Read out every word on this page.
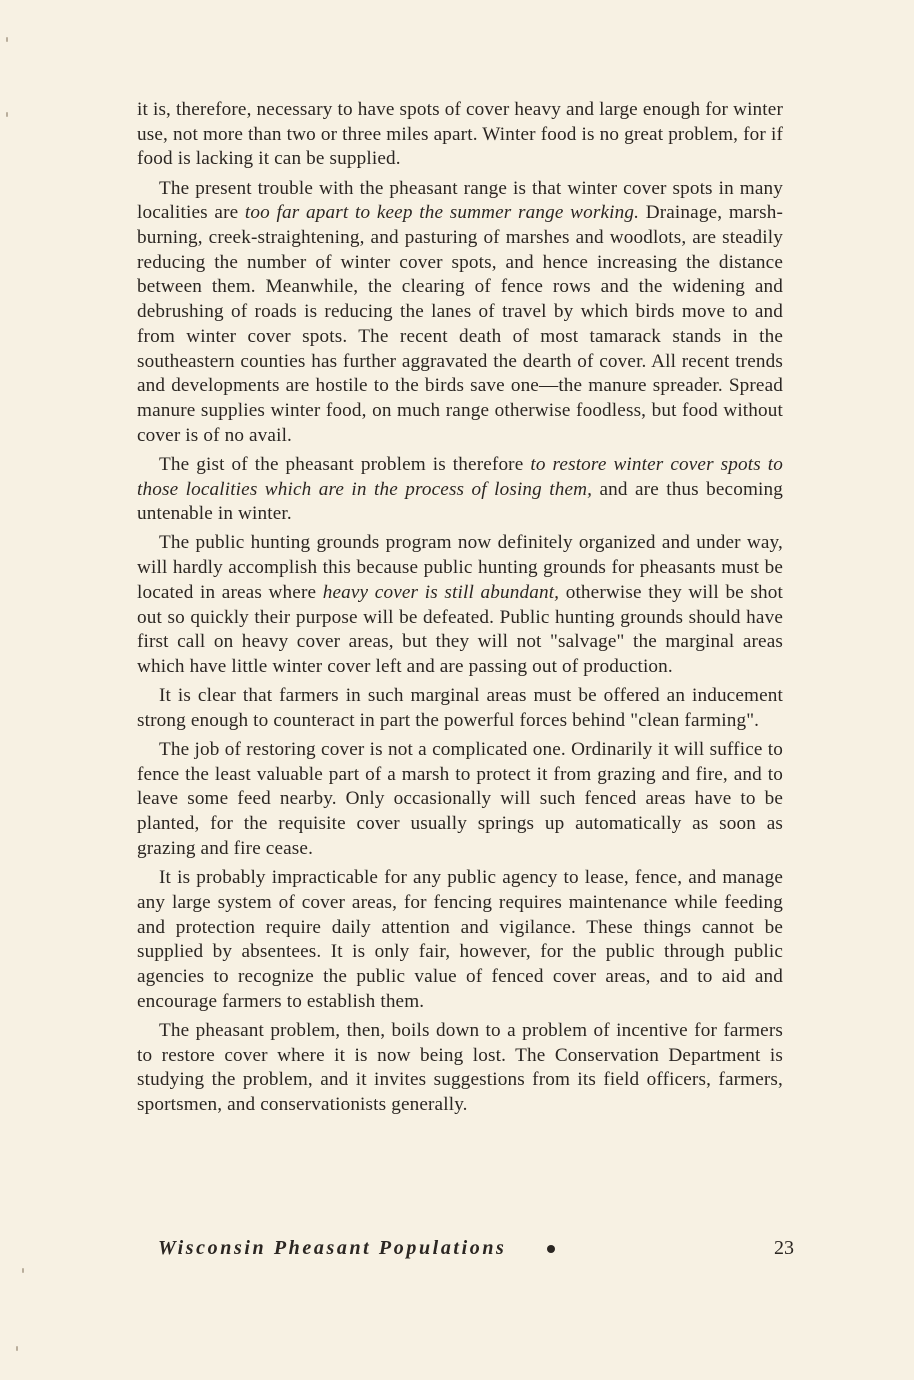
it is, therefore, necessary to have spots of cover heavy and large enough for winter use, not more than two or three miles apart. Winter food is no great problem, for if food is lacking it can be supplied.

The present trouble with the pheasant range is that winter cover spots in many localities are too far apart to keep the summer range working. Drainage, marsh-burning, creek-straightening, and pasturing of marshes and woodlots, are steadily reducing the number of winter cover spots, and hence increasing the distance between them. Meanwhile, the clearing of fence rows and the widening and debrushing of roads is reducing the lanes of travel by which birds move to and from winter cover spots. The recent death of most tamarack stands in the southeastern counties has further aggravated the dearth of cover. All recent trends and developments are hostile to the birds save one—the manure spreader. Spread manure supplies winter food, on much range otherwise foodless, but food without cover is of no avail.

The gist of the pheasant problem is therefore to restore winter cover spots to those localities which are in the process of losing them, and are thus becoming untenable in winter.

The public hunting grounds program now definitely organized and under way, will hardly accomplish this because public hunting grounds for pheasants must be located in areas where heavy cover is still abundant, otherwise they will be shot out so quickly their purpose will be defeated. Public hunting grounds should have first call on heavy cover areas, but they will not "salvage" the marginal areas which have little winter cover left and are passing out of production.

It is clear that farmers in such marginal areas must be offered an inducement strong enough to counteract in part the powerful forces behind "clean farming".

The job of restoring cover is not a complicated one. Ordinarily it will suffice to fence the least valuable part of a marsh to protect it from grazing and fire, and to leave some feed nearby. Only occasionally will such fenced areas have to be planted, for the requisite cover usually springs up automatically as soon as grazing and fire cease.

It is probably impracticable for any public agency to lease, fence, and manage any large system of cover areas, for fencing requires maintenance while feeding and protection require daily attention and vigilance. These things cannot be supplied by absentees. It is only fair, however, for the public through public agencies to recognize the public value of fenced cover areas, and to aid and encourage farmers to establish them.

The pheasant problem, then, boils down to a problem of incentive for farmers to restore cover where it is now being lost. The Conservation Department is studying the problem, and it invites suggestions from its field officers, farmers, sportsmen, and conservationists generally.

Wisconsin Pheasant Populations	23
